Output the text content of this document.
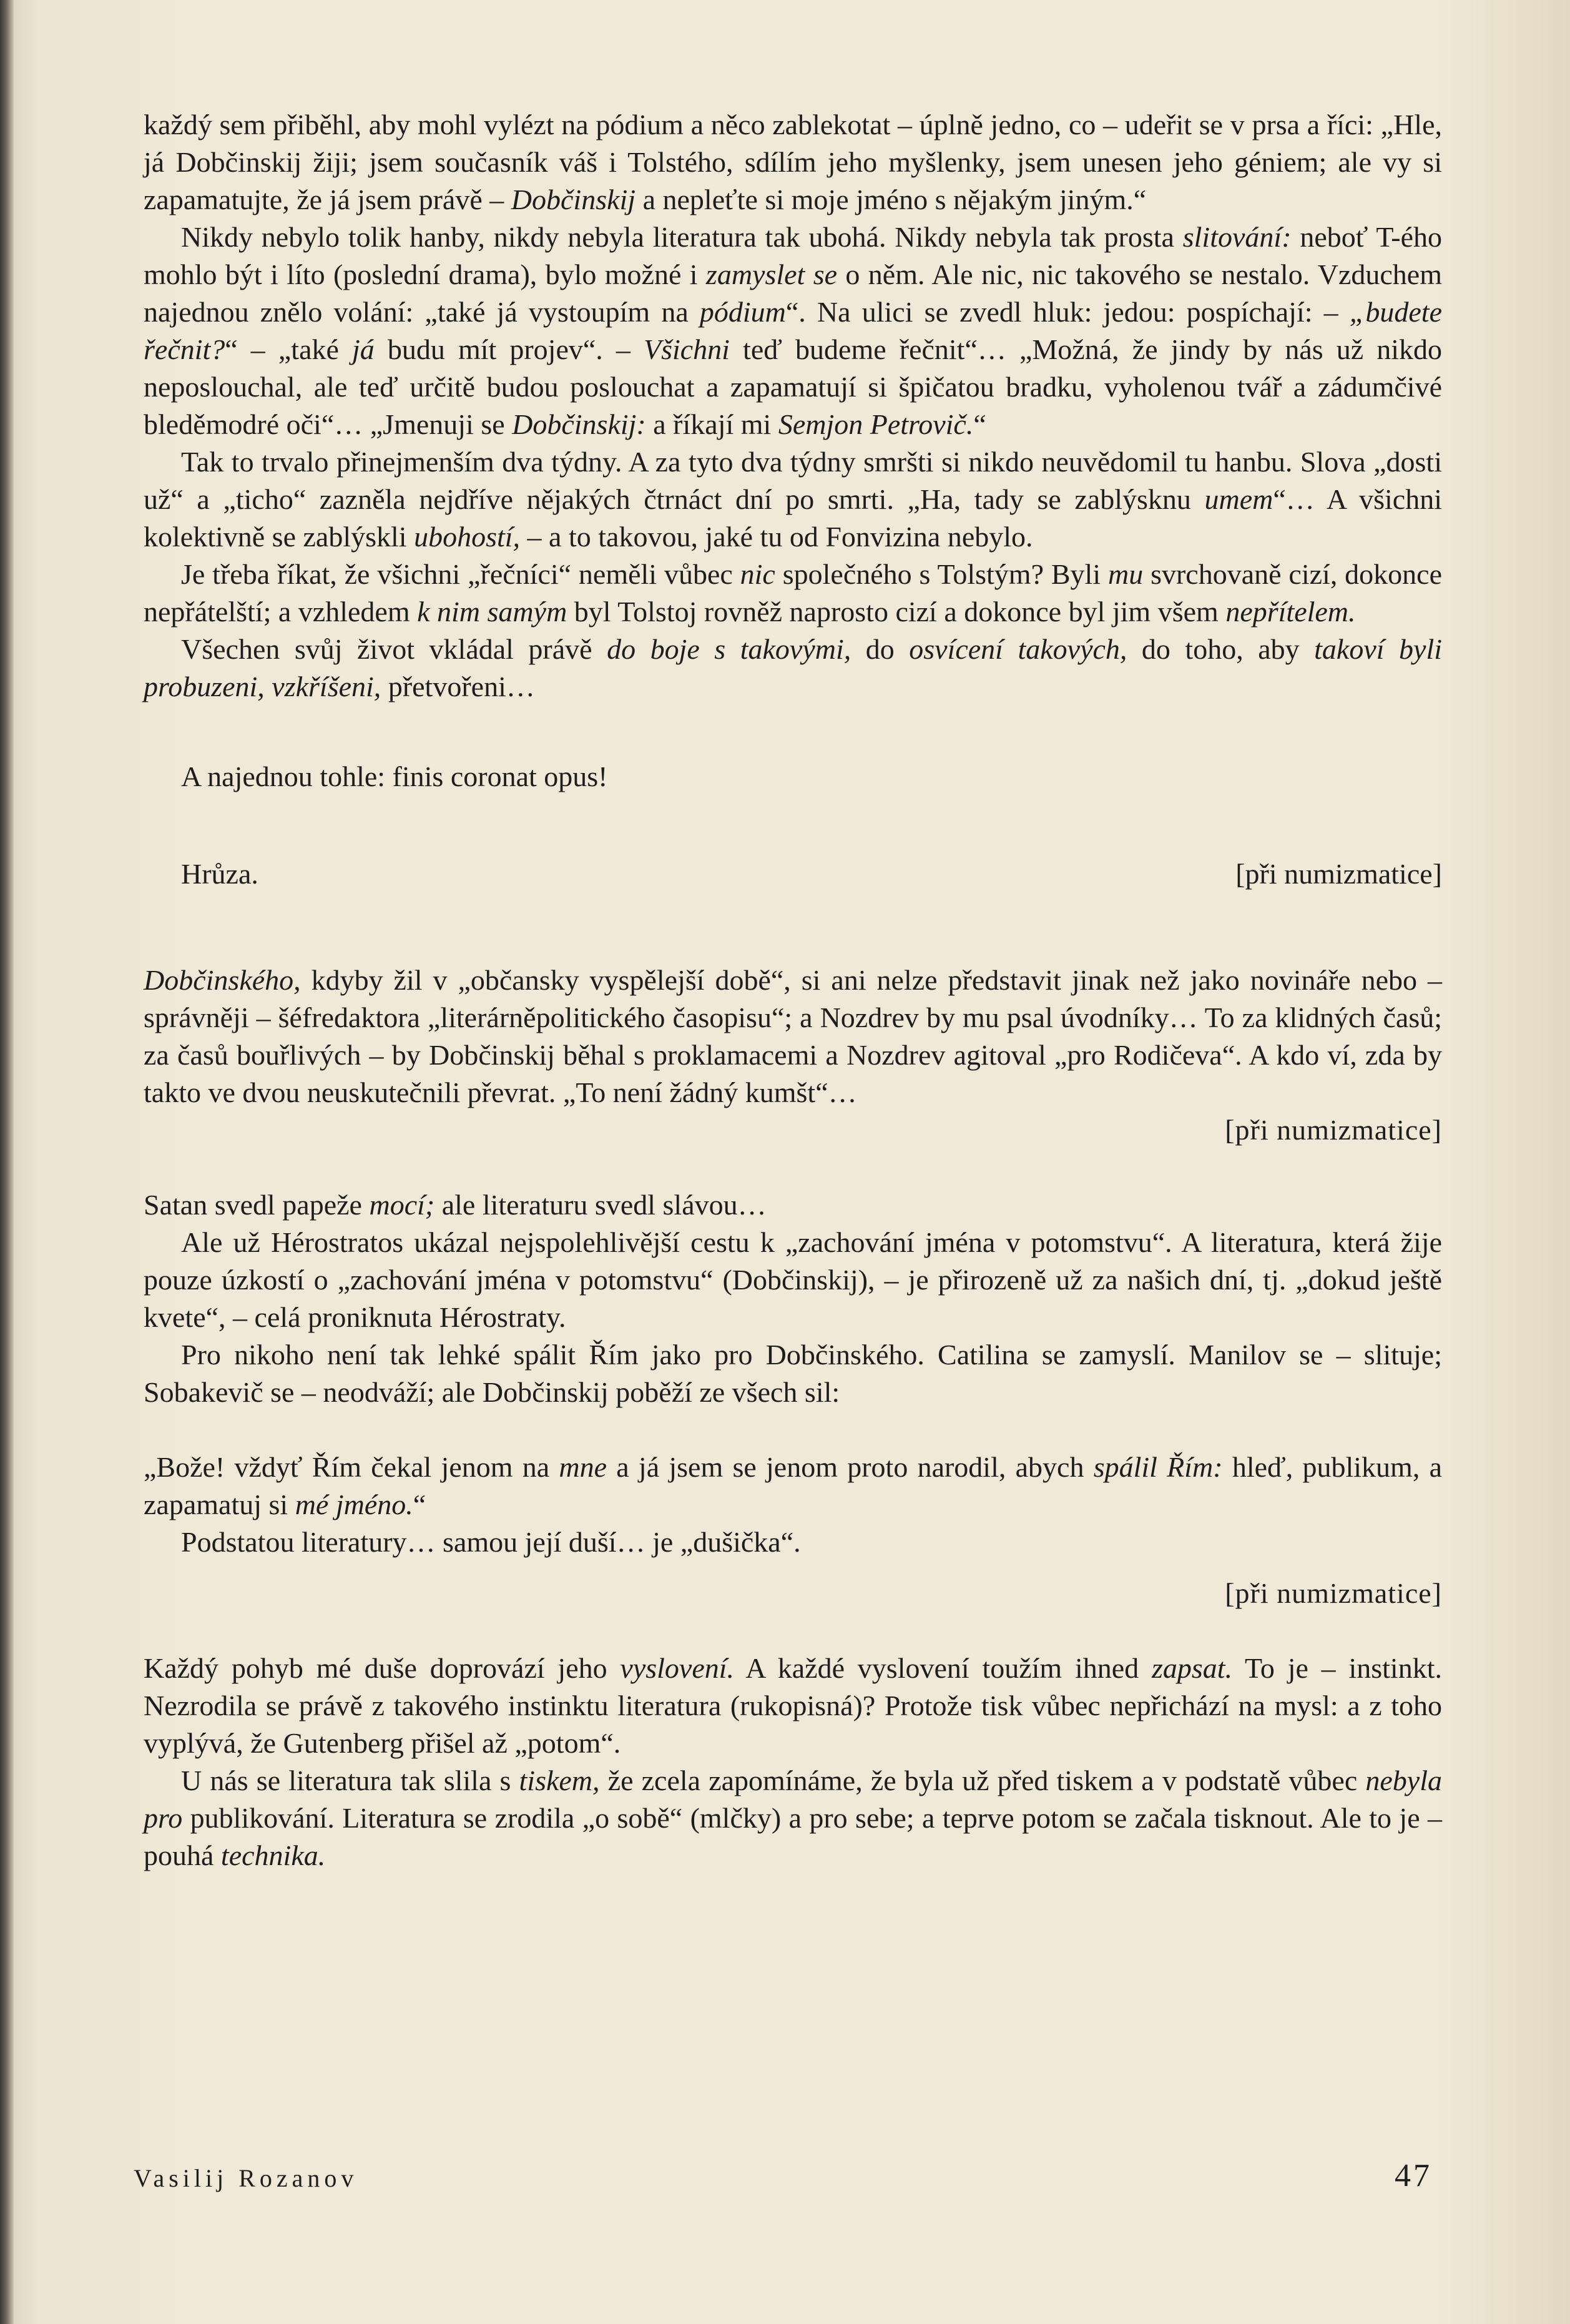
každý sem přiběhl, aby mohl vylézt na pódium a něco zablekotat – úplně jedno, co – udeřit se v prsa a říci: „Hle, já Dobčinskij žiji; jsem současník váš i Tolstého, sdílím jeho myšlenky, jsem unesen jeho géniem; ale vy si zapamatujte, že já jsem právě – Dobčinskij a nepleťte si moje jméno s nějakým jiným.“

Nikdy nebylo tolik hanby, nikdy nebyla literatura tak ubohá. Nikdy nebyla tak prosta slitování: neboť T-ého mohlo být i líto (poslední drama), bylo možné i zamyslet se o něm. Ale nic, nic takového se nestalo. Vzduchem najednou znělo volání: „také já vystoupím na pódium“. Na ulici se zvedl hluk: jedou: pospíchají: – „budete řečnit?“ – „také já budu mít projev“. – Všichni teď budeme řečnit“… „Možná, že jindy by nás už nikdo neposlouchal, ale teď určitě budou poslouchat a zapamatují si špičatou bradku, vyholenou tvář a zádumčivé bleděmodré oči“… „Jmenuji se Dobčinskij: a říkají mi Semjon Petrovič.“

Tak to trvalo přinejmenším dva týdny. A za tyto dva týdny smršti si nikdo neuvědomil tu hanbu. Slova „dosti už“ a „ticho“ zazněla nejdříve nějakých čtrnáct dní po smrti. „Ha, tady se zablýsknu umem“… A všichni kolektivně se zablýskli ubohostí, – a to takovou, jaké tu od Fonvizina nebylo.

Je třeba říkat, že všichni „řečníci“ neměli vůbec nic společného s Tolstým? Byli mu svrchovaně cizí, dokonce nepřátelští; a vzhledem k nim samým byl Tolstoj rovněž naprosto cizí a dokonce byl jim všem nepřítelem.

Všechen svůj život vkládal právě do boje s takovými, do osvícení takových, do toho, aby takoví byli probuzeni, vzkříšeni, přetvořeni…

A najednou tohle: finis coronat opus!

Hrůza.	[při numizmatice]

Dobčinského, kdyby žil v „občansky vyspělejší době“, si ani nelze představit jinak než jako novináře nebo – správněji – šéfredaktora „literárněpolitického časopisu“; a Nozdrev by mu psal úvodníky… To za klidných časů; za časů bouřlivých – by Dobčinskij běhal s proklamacemi a Nozdrev agitoval „pro Rodičeva“. A kdo ví, zda by takto ve dvou neuskutečnili převrat. „To není žádný kumšt“…

[při numizmatice]

Satan svedl papeže mocí; ale literaturu svedl slávou…

Ale už Hérostratos ukázal nejspolehlivější cestu k „zachování jména v potomstvu“. A literatura, která žije pouze úzkostí o „zachování jména v potomstvu“ (Dobčinskij), – je přirozeně už za našich dní, tj. „dokud ještě kvete“, – celá proniknuta Hérostraty.

Pro nikoho není tak lehké spálit Řím jako pro Dobčinského. Catilina se zamyslí. Manilov se – slituje; Sobakevič se – neodváží; ale Dobčinskij poběží ze všech sil:

„Bože! vždyť Řím čekal jenom na mne a já jsem se jenom proto narodil, abych spálil Řím: hleď, publikum, a zapamatuj si mé jméno.“

Podstatou literatury… samou její duší… je „dušička“.

[při numizmatice]

Každý pohyb mé duše doprovází jeho vyslovení. A každé vyslovení toužím ihned zapsat. To je – instinkt. Nezrodila se právě z takového instinktu literatura (rukopisná)? Protože tisk vůbec nepřichází na mysl: a z toho vyplývá, že Gutenberg přišel až „potom“.

U nás se literatura tak slila s tiskem, že zcela zapomínáme, že byla už před tiskem a v podstatě vůbec nebyla pro publikování. Literatura se zrodila „o sobě“ (mlčky) a pro sebe; a teprve potom se začala tisknout. Ale to je – pouhá technika.

Vasilij Rozanov	47
